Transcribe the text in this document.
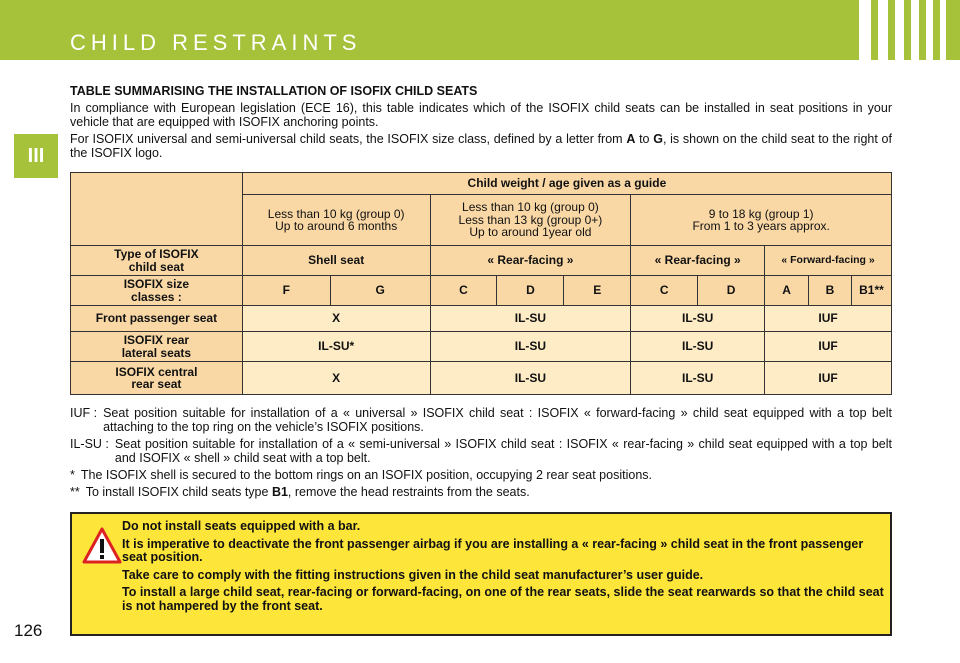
CHILD RESTRAINTS
III
126

TABLE SUMMARISING THE INSTALLATION OF ISOFIX CHILD SEATS

In compliance with European legislation (ECE 16), this table indicates which of the ISOFIX child seats can be installed in seat positions in your vehicle that are equipped with ISOFIX anchoring points.

For ISOFIX universal and semi-universal child seats, the ISOFIX size class, defined by a letter from A to G, is shown on the child seat to the right of the ISOFIX logo.

	Child weight / age given as a guide									
	Less than 10 kg (group 0)
Up to around 6 months		Less than 10 kg (group 0)
Less than 13 kg (group 0+)
Up to around 1year old			9 to 18 kg (group 1)
From 1 to 3 years approx.				
Type of ISOFIX
child seat	Shell seat		« Rear-facing »			« Rear-facing »		« Forward-facing »		
ISOFIX size
classes :	F	G	C	D	E	C	D	A	B	B1**
Front passenger seat	X		IL-SU			IL-SU		IUF		
ISOFIX rear
lateral seats	IL-SU*		IL-SU			IL-SU		IUF		
ISOFIX central
rear seat	X		IL-SU			IL-SU		IUF		
IUF : Seat position suitable for installation of a « universal » ISOFIX child seat : ISOFIX « forward-facing » child seat equipped with a top belt attaching to the top ring on the vehicle’s ISOFIX positions.
IL-SU : Seat position suitable for installation of a « semi-universal » ISOFIX child seat : ISOFIX « rear-facing » child seat equipped with a top belt and ISOFIX « shell » child seat with a top belt.
* The ISOFIX shell is secured to the bottom rings on an ISOFIX position, occupying 2 rear seat positions.
** To install ISOFIX child seats type B1, remove the head restraints from the seats.

Do not install seats equipped with a bar.

It is imperative to deactivate the front passenger airbag if you are installing a « rear-facing » child seat in the front passenger seat position.

Take care to comply with the fitting instructions given in the child seat manufacturer’s user guide.

To install a large child seat, rear-facing or forward-facing, on one of the rear seats, slide the seat rearwards so that the child seat is not hampered by the front seat.
